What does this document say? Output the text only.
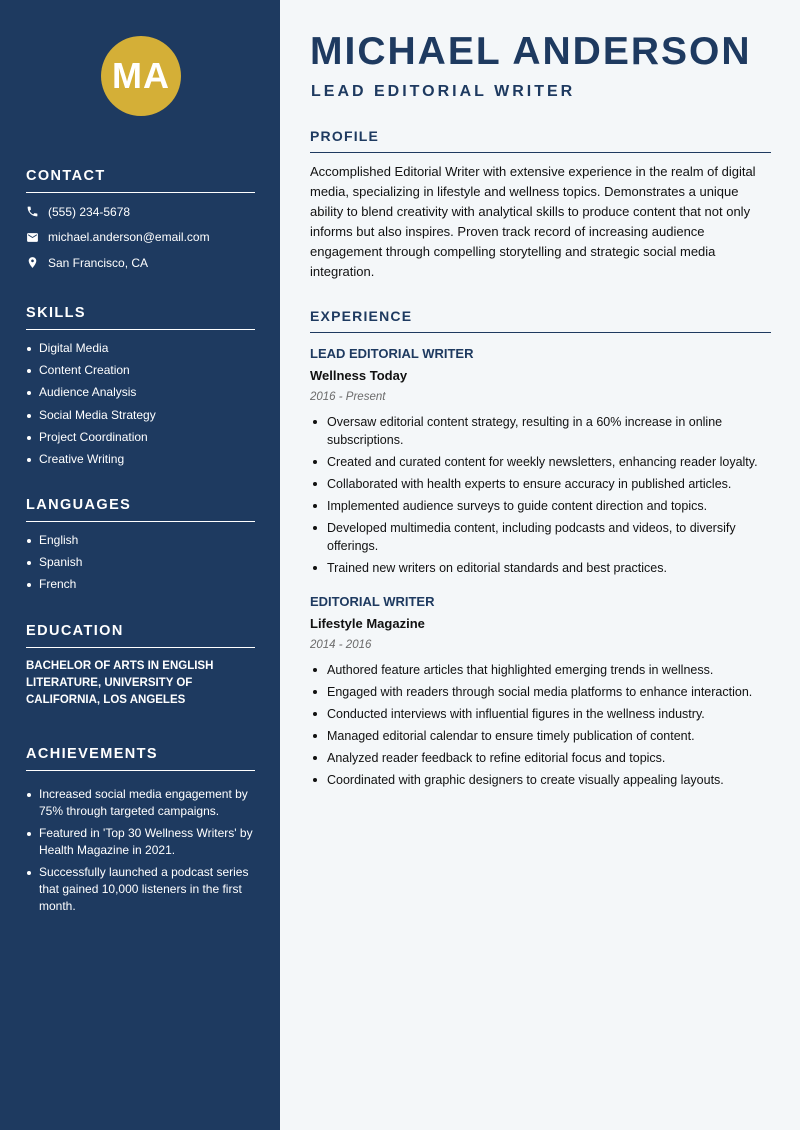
MA
CONTACT
(555) 234-5678
michael.anderson@email.com
San Francisco, CA
SKILLS
Digital Media
Content Creation
Audience Analysis
Social Media Strategy
Project Coordination
Creative Writing
LANGUAGES
English
Spanish
French
EDUCATION

BACHELOR OF ARTS IN ENGLISH LITERATURE, UNIVERSITY OF CALIFORNIA, LOS ANGELES

ACHIEVEMENTS
Increased social media engagement by 75% through targeted campaigns.
Featured in 'Top 30 Wellness Writers' by Health Magazine in 2021.
Successfully launched a podcast series that gained 10,000 listeners in the first month.
MICHAEL ANDERSON
LEAD EDITORIAL WRITER
PROFILE

Accomplished Editorial Writer with extensive experience in the realm of digital media, specializing in lifestyle and wellness topics. Demonstrates a unique ability to blend creativity with analytical skills to produce content that not only informs but also inspires. Proven track record of increasing audience engagement through compelling storytelling and strategic social media integration.

EXPERIENCE

LEAD EDITORIAL WRITER

Wellness Today

2016 - Present

Oversaw editorial content strategy, resulting in a 60% increase in online subscriptions.
Created and curated content for weekly newsletters, enhancing reader loyalty.
Collaborated with health experts to ensure accuracy in published articles.
Implemented audience surveys to guide content direction and topics.
Developed multimedia content, including podcasts and videos, to diversify offerings.
Trained new writers on editorial standards and best practices.

EDITORIAL WRITER

Lifestyle Magazine

2014 - 2016

Authored feature articles that highlighted emerging trends in wellness.
Engaged with readers through social media platforms to enhance interaction.
Conducted interviews with influential figures in the wellness industry.
Managed editorial calendar to ensure timely publication of content.
Analyzed reader feedback to refine editorial focus and topics.
Coordinated with graphic designers to create visually appealing layouts.
